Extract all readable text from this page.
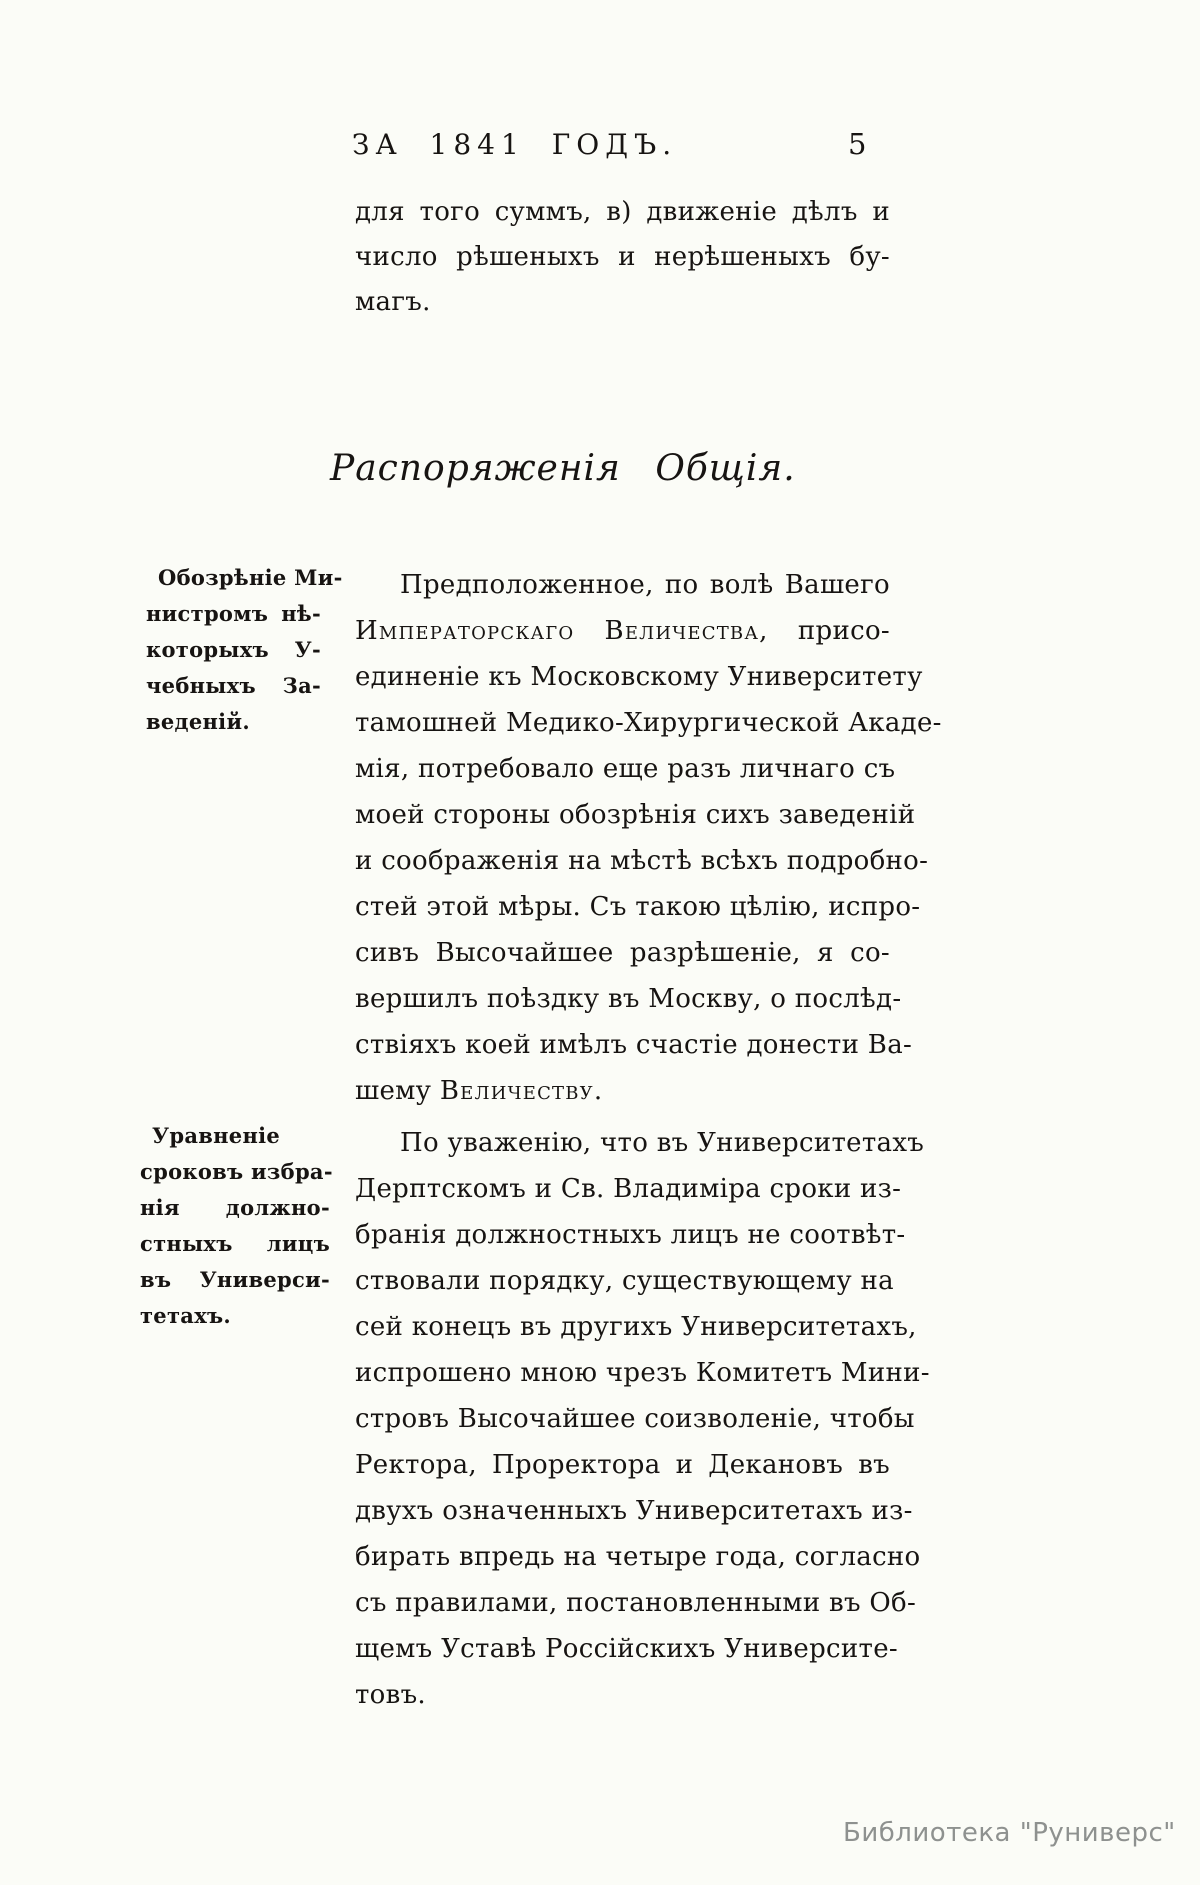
ЗА 1841 ГОДЪ.	5
для того суммъ, в) движеніе дѣлъ и
число рѣшеныхъ и нерѣшеныхъ бу-
магъ.
Распоряженія Общія.
Обозрѣніе Ми-
нистромъ нѣ-
которыхъ У-
чебныхъ За-
веденій.
Предположенное, по волѣ Вашего
Императорскаго Величества, присо-
единеніе къ Московскому Университету
тамошней Медико-Хирургической Акаде-
мія, потребовало еще разъ личнаго съ
моей стороны обозрѣнія сихъ заведеній
и соображенія на мѣстѣ всѣхъ подробно-
стей этой мѣры. Съ такою цѣлію, испро-
сивъ Высочайшее разрѣшеніе, я со-
вершилъ поѣздку въ Москву, о послѣд-
ствіяхъ коей имѣлъ счастіе донести Ва-
шему Величеству.
Уравненіе
сроковъ избра-
нія должно-
стныхъ лицъ
въ Универси-
тетахъ.
По уваженію, что въ Университетахъ
Дерптскомъ и Св. Владиміра сроки из-
бранія должностныхъ лицъ не соотвѣт-
ствовали порядку, существующему на
сей конецъ въ другихъ Университетахъ,
испрошено мною чрезъ Комитетъ Мини-
стровъ Высочайшее соизволеніе, чтобы
Ректора, Проректора и Декановъ въ
двухъ означенныхъ Университетахъ из-
бирать впредь на четыре года, согласно
съ правилами, постановленными въ Об-
щемъ Уставѣ Россійскихъ Университе-
товъ.
Библиотека "Руниверс"
